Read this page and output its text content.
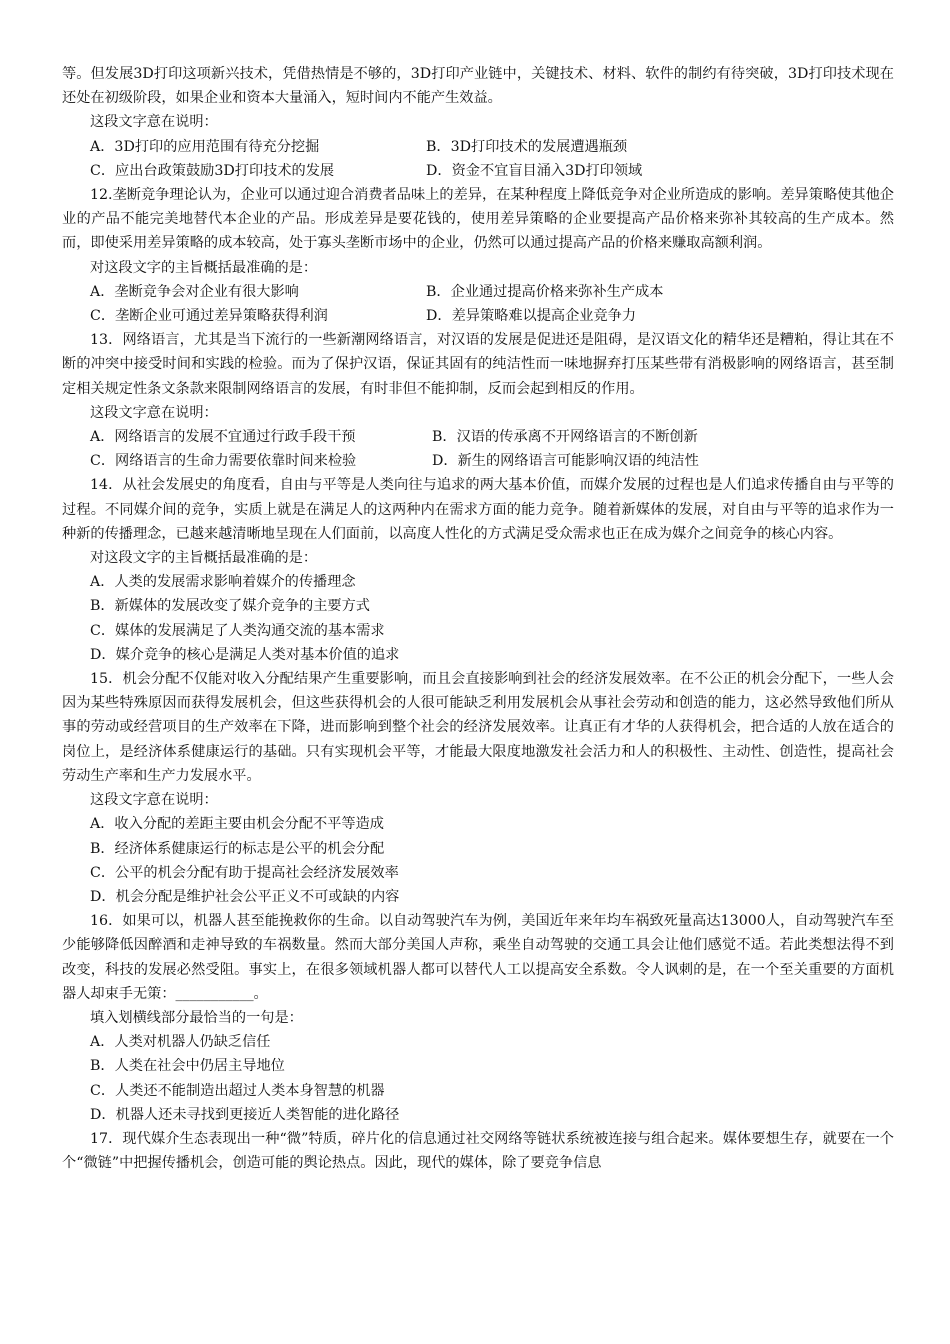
等。但发展3D打印这项新兴技术，凭借热情是不够的，3D打印产业链中，关键技术、材料、软件的制约有待突破，3D打印技术现在还处在初级阶段，如果企业和资本大量涌入，短时间内不能产生效益。

这段文字意在说明：

A．3D打印的应用范围有待充分挖掘	B．3D打印技术的发展遭遇瓶颈
C．应出台政策鼓励3D打印技术的发展	D．资金不宜盲目涌入3D打印领域

12.垄断竞争理论认为，企业可以通过迎合消费者品味上的差异，在某种程度上降低竞争对企业所造成的影响。差异策略使其他企业的产品不能完美地替代本企业的产品。形成差异是要花钱的，使用差异策略的企业要提高产品价格来弥补其较高的生产成本。然而，即使采用差异策略的成本较高，处于寡头垄断市场中的企业，仍然可以通过提高产品的价格来赚取高额利润。

对这段文字的主旨概括最准确的是：

A．垄断竞争会对企业有很大影响	B．企业通过提高价格来弥补生产成本
C．垄断企业可通过差异策略获得利润	D．差异策略难以提高企业竞争力

13．网络语言，尤其是当下流行的一些新潮网络语言，对汉语的发展是促进还是阻碍，是汉语文化的精华还是糟粕，得让其在不断的冲突中接受时间和实践的检验。而为了保护汉语，保证其固有的纯洁性而一味地摒弃打压某些带有消极影响的网络语言，甚至制定相关规定性条文条款来限制网络语言的发展，有时非但不能抑制，反而会起到相反的作用。

这段文字意在说明：

A．网络语言的发展不宜通过行政手段干预	B．汉语的传承离不开网络语言的不断创新
C．网络语言的生命力需要依靠时间来检验	D．新生的网络语言可能影响汉语的纯洁性

14．从社会发展史的角度看，自由与平等是人类向往与追求的两大基本价值，而媒介发展的过程也是人们追求传播自由与平等的过程。不同媒介间的竞争，实质上就是在满足人的这两种内在需求方面的能力竞争。随着新媒体的发展，对自由与平等的追求作为一种新的传播理念，已越来越清晰地呈现在人们面前，以高度人性化的方式满足受众需求也正在成为媒介之间竞争的核心内容。

对这段文字的主旨概括最准确的是：

A．人类的发展需求影响着媒介的传播理念

B．新媒体的发展改变了媒介竞争的主要方式

C．媒体的发展满足了人类沟通交流的基本需求

D．媒介竞争的核心是满足人类对基本价值的追求

15．机会分配不仅能对收入分配结果产生重要影响，而且会直接影响到社会的经济发展效率。在不公正的机会分配下，一些人会因为某些特殊原因而获得发展机会，但这些获得机会的人很可能缺乏利用发展机会从事社会劳动和创造的能力，这必然导致他们所从事的劳动或经营项目的生产效率在下降，进而影响到整个社会的经济发展效率。让真正有才华的人获得机会，把合适的人放在适合的岗位上，是经济体系健康运行的基础。只有实现机会平等，才能最大限度地激发社会活力和人的积极性、主动性、创造性，提高社会劳动生产率和生产力发展水平。

这段文字意在说明：

A．收入分配的差距主要由机会分配不平等造成

B．经济体系健康运行的标志是公平的机会分配

C．公平的机会分配有助于提高社会经济发展效率

D．机会分配是维护社会公平正义不可或缺的内容

16．如果可以，机器人甚至能挽救你的生命。以自动驾驶汽车为例，美国近年来年均车祸致死量高达13000人，自动驾驶汽车至少能够降低因醉酒和走神导致的车祸数量。然而大部分美国人声称，乘坐自动驾驶的交通工具会让他们感觉不适。若此类想法得不到改变，科技的发展必然受阻。事实上，在很多领域机器人都可以替代人工以提高安全系数。令人讽刺的是，在一个至关重要的方面机器人却束手无策：___________。

填入划横线部分最恰当的一句是：

A．人类对机器人仍缺乏信任

B．人类在社会中仍居主导地位

C．人类还不能制造出超过人类本身智慧的机器

D．机器人还未寻找到更接近人类智能的进化路径

17．现代媒介生态表现出一种“微”特质，碎片化的信息通过社交网络等链状系统被连接与组合起来。媒体要想生存，就要在一个个“微链”中把握传播机会，创造可能的舆论热点。因此，现代的媒体，除了要竞争信息
